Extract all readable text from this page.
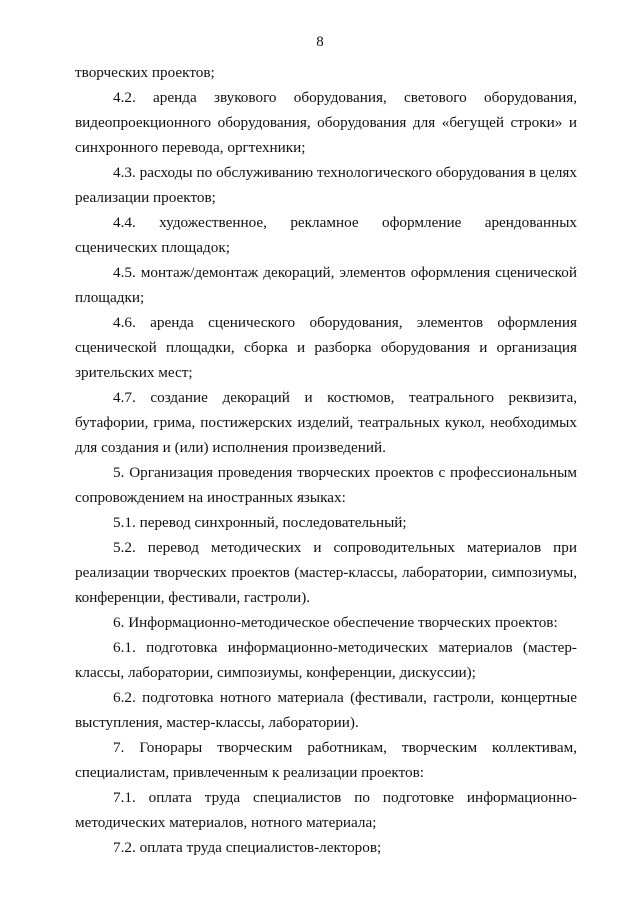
8
творческих проектов;
4.2. аренда звукового оборудования, светового оборудования,
видеопроекционного оборудования, оборудования для «бегущей строки» и
синхронного перевода, оргтехники;
4.3. расходы по обслуживанию технологического оборудования в целях
реализации проектов;
4.4. художественное, рекламное оформление арендованных
сценических площадок;
4.5. монтаж/демонтаж декораций, элементов оформления сценической
площадки;
4.6. аренда сценического оборудования, элементов оформления
сценической площадки, сборка и разборка оборудования и организация
зрительских мест;
4.7. создание декораций и костюмов, театрального реквизита,
бутафории, грима, постижерских изделий, театральных кукол, необходимых
для создания и (или) исполнения произведений.
5. Организация проведения творческих проектов с профессиональным
сопровождением на иностранных языках:
5.1. перевод синхронный, последовательный;
5.2. перевод методических и сопроводительных материалов при
реализации творческих проектов (мастер-классы, лаборатории, симпозиумы,
конференции, фестивали, гастроли).
6. Информационно-методическое обеспечение творческих проектов:
6.1. подготовка информационно-методических материалов (мастер-
классы, лаборатории, симпозиумы, конференции, дискуссии);
6.2. подготовка нотного материала (фестивали, гастроли, концертные
выступления, мастер-классы, лаборатории).
7. Гонорары творческим работникам, творческим коллективам,
специалистам, привлеченным к реализации проектов:
7.1. оплата труда специалистов по подготовке информационно-
методических материалов, нотного материала;
7.2. оплата труда специалистов-лекторов;
